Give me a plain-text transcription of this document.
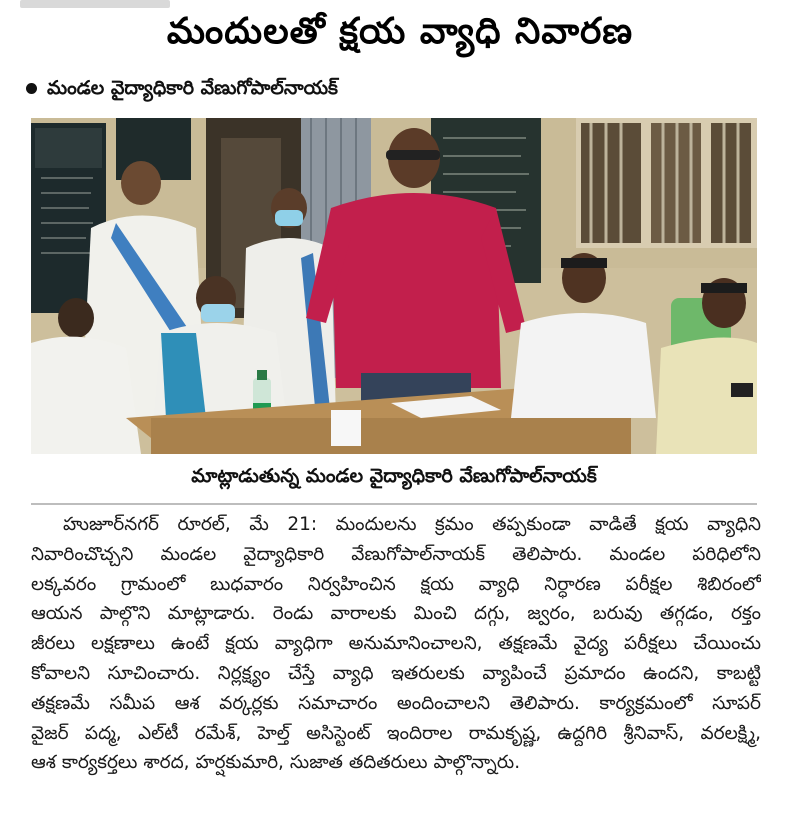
మందులతో క్షయ వ్యాధి నివారణ
మండల వైద్యాధికారి వేణుగోపాల్‌నాయక్
మాట్లాడుతున్న మండల వైద్యాధికారి వేణుగోపాల్‌నాయక్
హుజూర్‌నగర్ రూరల్, మే 21: మందులను క్రమం తప్పకుండా వాడితే క్షయ వ్యాధిని
నివారించొచ్చని మండల వైద్యాధికారి వేణుగోపాల్‌నాయక్ తెలిపారు. మండల పరిధిలోని
లక్కవరం గ్రామంలో బుధవారం నిర్వహించిన క్షయ వ్యాధి నిర్ధారణ పరీక్షల శిబిరంలో
ఆయన పాల్గొని మాట్లాడారు. రెండు వారాలకు మించి దగ్గు, జ్వరం, బరువు తగ్గడం, రక్తం
జీరలు లక్షణాలు ఉంటే క్షయ వ్యాధిగా అనుమానించాలని, తక్షణమే వైద్య పరీక్షలు చేయించు
కోవాలని సూచించారు. నిర్లక్ష్యం చేస్తే వ్యాధి ఇతరులకు వ్యాపించే ప్రమాదం ఉందని, కాబట్టి
తక్షణమే సమీప ఆశ వర్కర్లకు సమాచారం అందించాలని తెలిపారు. కార్యక్రమంలో సూపర్
వైజర్ పద్మ, ఎల్‌టీ రమేశ్, హెల్త్ అసిస్టెంట్ ఇందిరాల రామకృష్ణ, ఉద్దగిరి శ్రీనివాస్, వరలక్ష్మి,
ఆశ కార్యకర్తలు శారద, హర్షకుమారి, సుజాత తదితరులు పాల్గొన్నారు.
